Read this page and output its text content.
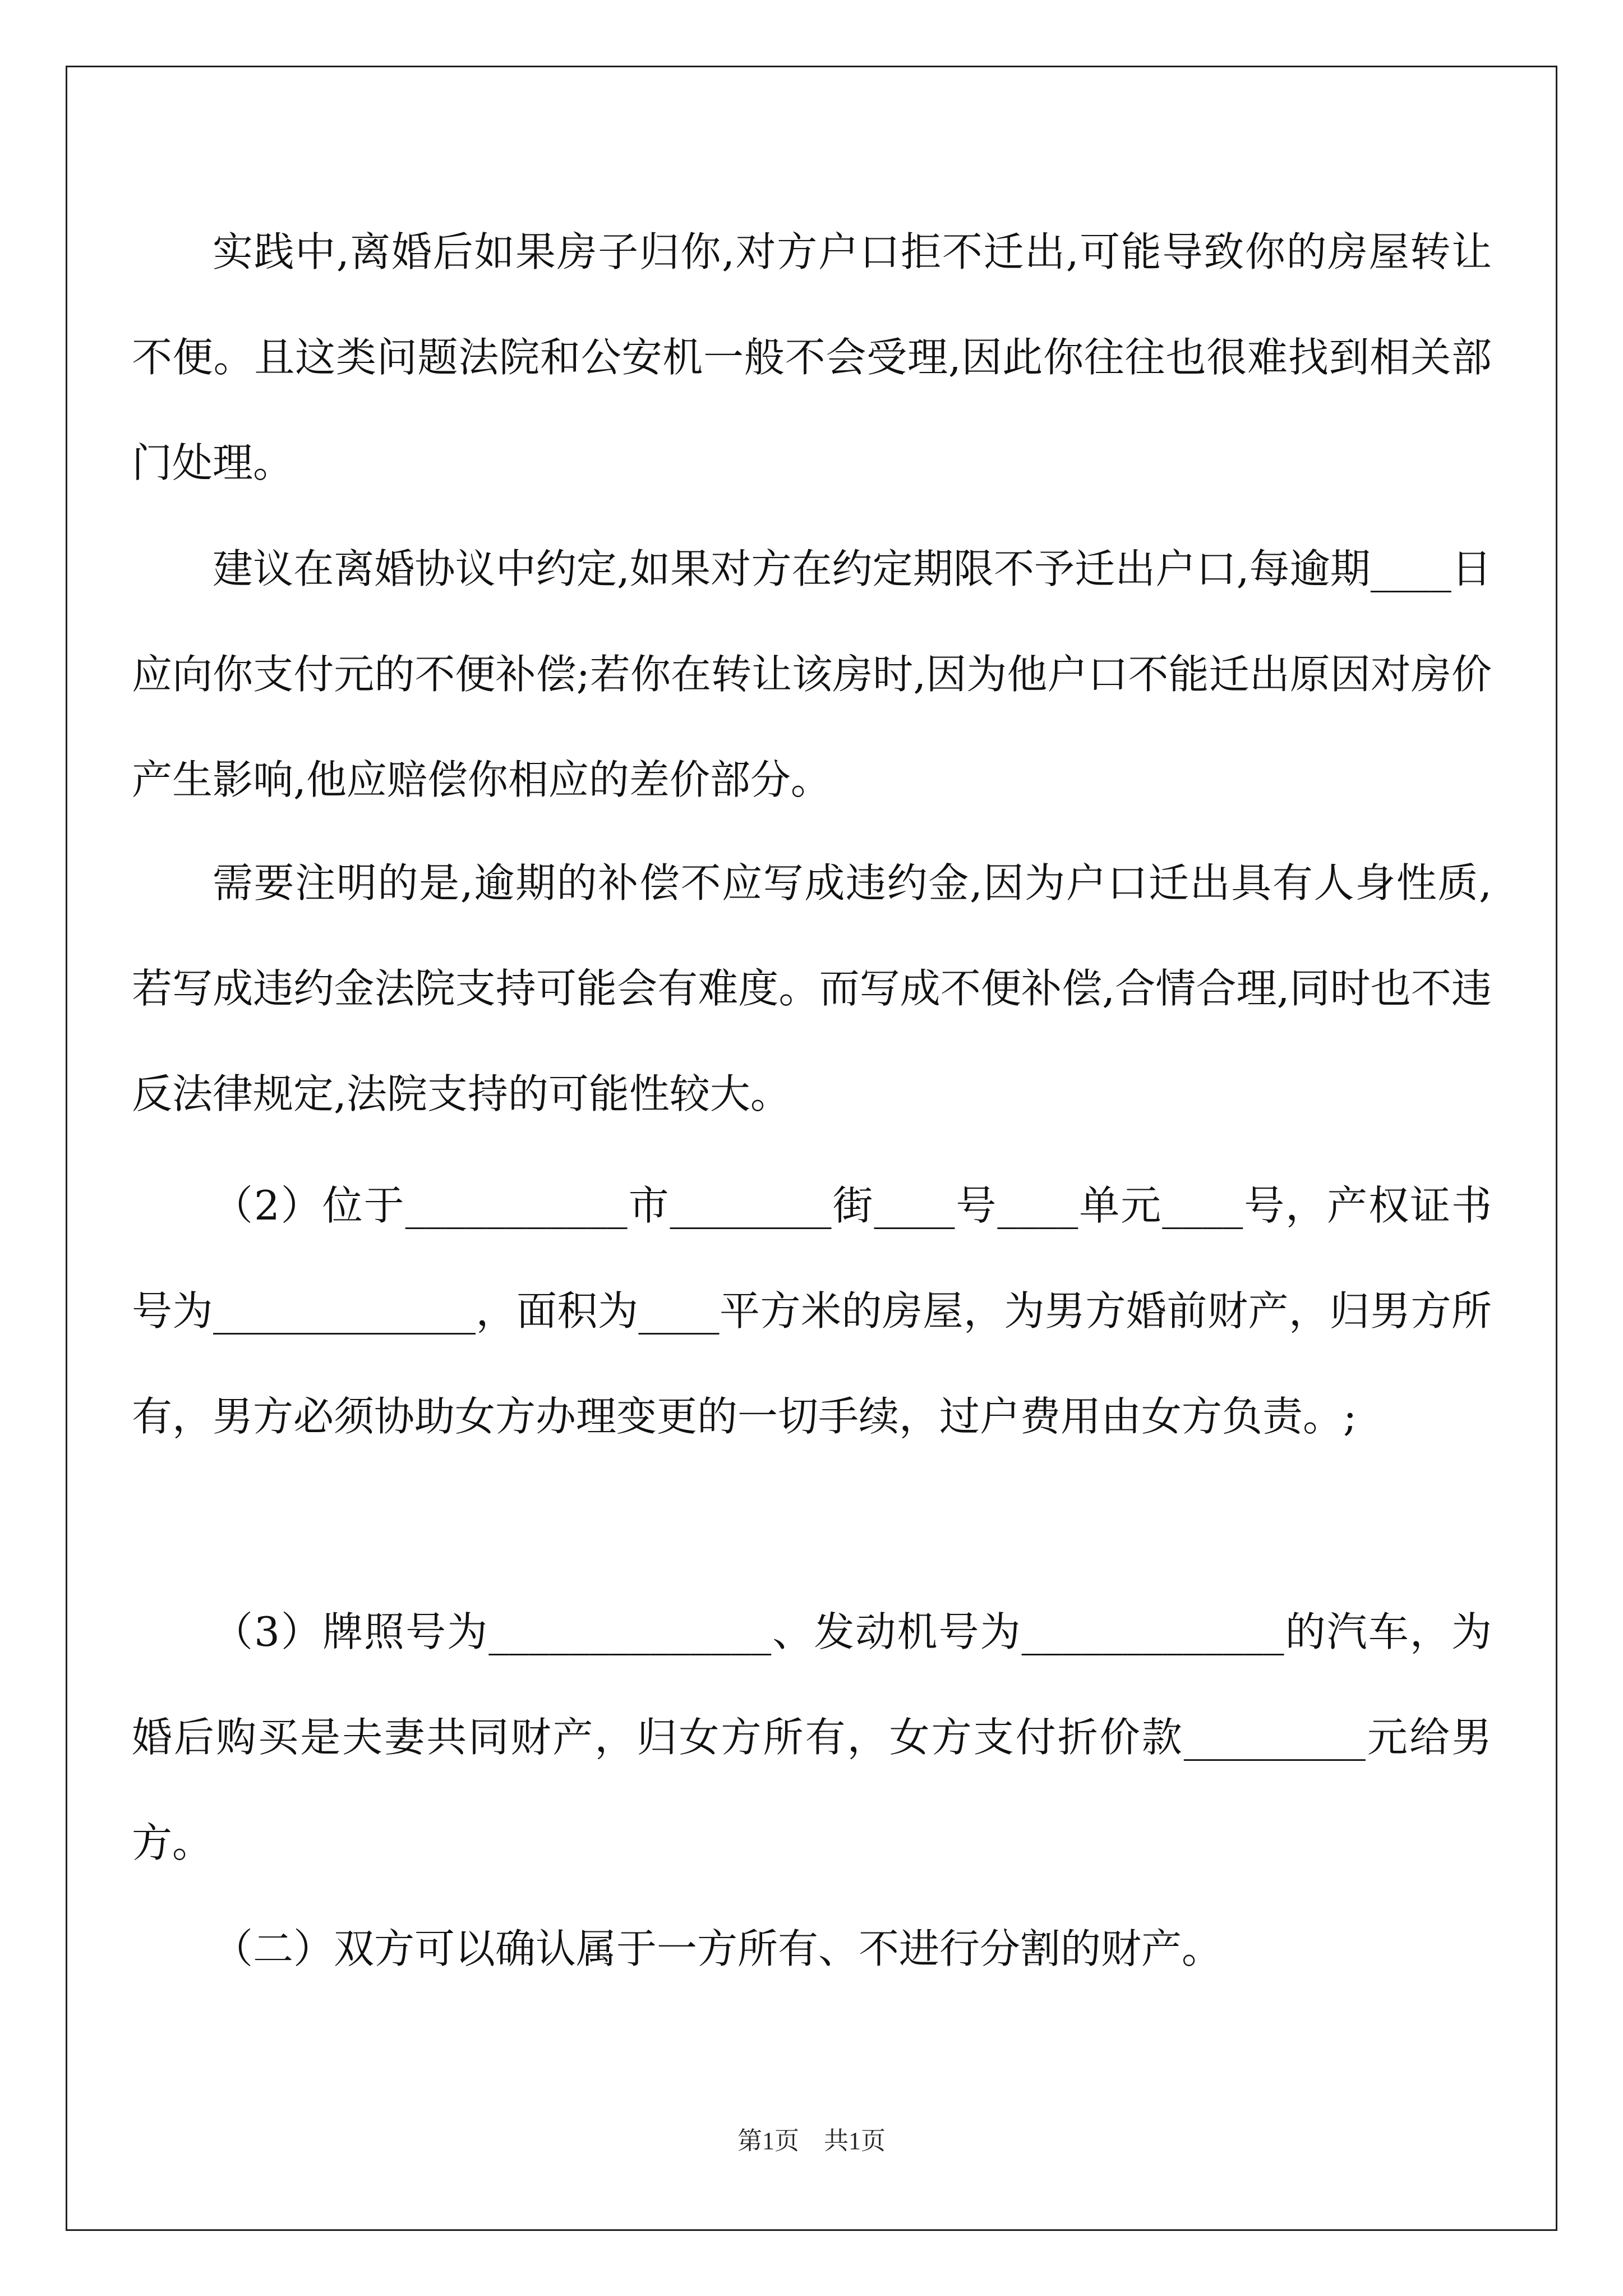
实践中,离婚后如果房子归你,对方户口拒不迁出,可能导致你的房屋转让不便。且这类问题法院和公安机一般不会受理,因此你往往也很难找到相关部门处理。

建议在离婚协议中约定,如果对方在约定期限不予迁出户口,每逾期____日应向你支付元的不便补偿;若你在转让该房时,因为他户口不能迁出原因对房价产生影响,他应赔偿你相应的差价部分。

需要注明的是,逾期的补偿不应写成违约金,因为户口迁出具有人身性质,若写成违约金法院支持可能会有难度。而写成不便补偿,合情合理,同时也不违反法律规定,法院支持的可能性较大。

（2）位于___________市________街____号____单元____号，产权证书号为_____________，面积为____平方米的房屋，为男方婚前财产，归男方所有，男方必须协助女方办理变更的一切手续，过户费用由女方负责。;

（3）牌照号为______________、发动机号为_____________的汽车，为婚后购买是夫妻共同财产，归女方所有，女方支付折价款_________元给男方。

（二）双方可以确认属于一方所有、不进行分割的财产。

第1页　共1页
